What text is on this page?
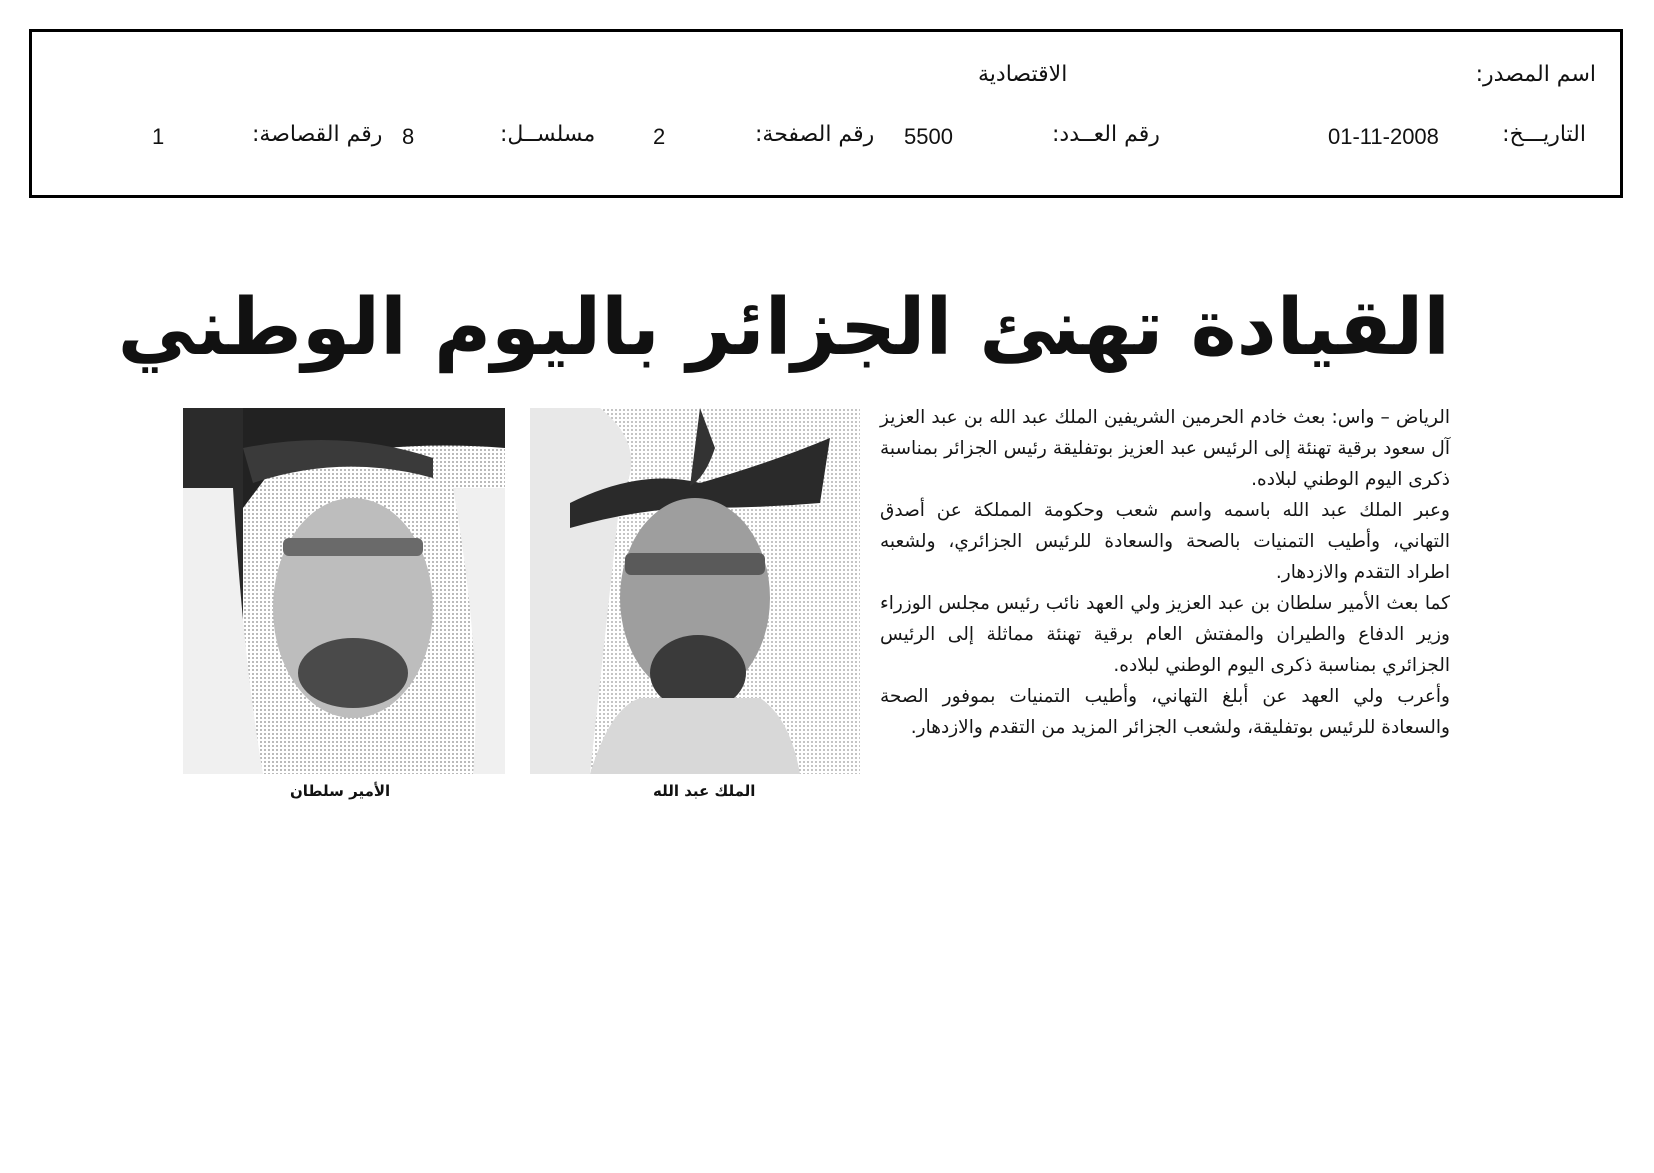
اسم المصدر:
الاقتصادية
التاريـــخ:
01-11-2008
رقم العــدد:
5500
رقم الصفحة:
2
مسلســل:
8
رقم القصاصة:
1
القيادة تهنئ الجزائر باليوم الوطني

الرياض – واس: بعث خادم الحرمين الشريفين الملك عبد الله بن عبد العزيز آل سعود برقية تهنئة إلى الرئيس عبد العزيز بوتفليقة رئيس الجزائر بمناسبة ذكرى اليوم الوطني لبلاده.

وعبر الملك عبد الله باسمه واسم شعب وحكومة المملكة عن أصدق التهاني، وأطيب التمنيات بالصحة والسعادة للرئيس الجزائري، ولشعبه اطراد التقدم والازدهار.

كما بعث الأمير سلطان بن عبد العزيز ولي العهد نائب رئيس مجلس الوزراء وزير الدفاع والطيران والمفتش العام برقية تهنئة مماثلة إلى الرئيس الجزائري بمناسبة ذكرى اليوم الوطني لبلاده.

وأعرب ولي العهد عن أبلغ التهاني، وأطيب التمنيات بموفور الصحة والسعادة للرئيس بوتفليقة، ولشعب الجزائر المزيد من التقدم والازدهار.

الملك عبد الله
الأمير سلطان
